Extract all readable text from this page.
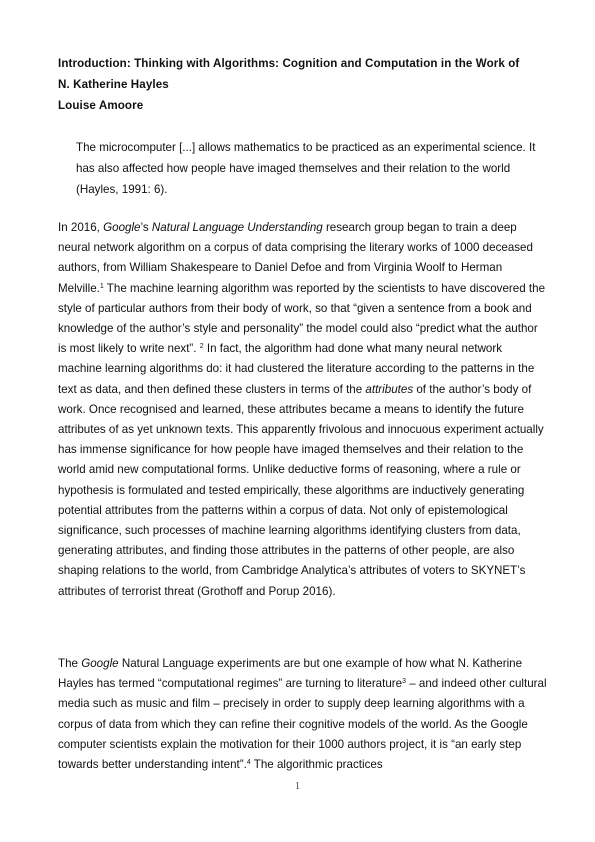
Introduction: Thinking with Algorithms: Cognition and Computation in the Work of

N. Katherine Hayles

Louise Amoore

The microcomputer [...] allows mathematics to be practiced as an experimental science. It has also affected how people have imaged themselves and their relation to the world (Hayles, 1991: 6).

In 2016, Google’s Natural Language Understanding research group began to train a deep neural network algorithm on a corpus of data comprising the literary works of 1000 deceased authors, from William Shakespeare to Daniel Defoe and from Virginia Woolf to Herman Melville.$^1$ The machine learning algorithm was reported by the scientists to have discovered the style of particular authors from their body of work, so that “given a sentence from a book and knowledge of the author’s style and personality” the model could also “predict what the author is most likely to write next”. $^2$ In fact, the algorithm had done what many neural network machine learning algorithms do: it had clustered the literature according to the patterns in the text as data, and then defined these clusters in terms of the attributes of the author’s body of work. Once recognised and learned, these attributes became a means to identify the future attributes of as yet unknown texts. This apparently frivolous and innocuous experiment actually has immense significance for how people have imaged themselves and their relation to the world amid new computational forms. Unlike deductive forms of reasoning, where a rule or hypothesis is formulated and tested empirically, these algorithms are inductively generating potential attributes from the patterns within a corpus of data. Not only of epistemological significance, such processes of machine learning algorithms identifying clusters from data, generating attributes, and finding those attributes in the patterns of other people, are also shaping relations to the world, from Cambridge Analytica’s attributes of voters to SKYNET’s attributes of terrorist threat (Grothoff and Porup 2016).

The Google Natural Language experiments are but one example of how what N. Katherine Hayles has termed “computational regimes” are turning to literature$^3$ – and indeed other cultural media such as music and film – precisely in order to supply deep learning algorithms with a corpus of data from which they can refine their cognitive models of the world. As the Google computer scientists explain the motivation for their 1000 authors project, it is “an early step towards better understanding intent”.$^4$ The algorithmic practices

1
